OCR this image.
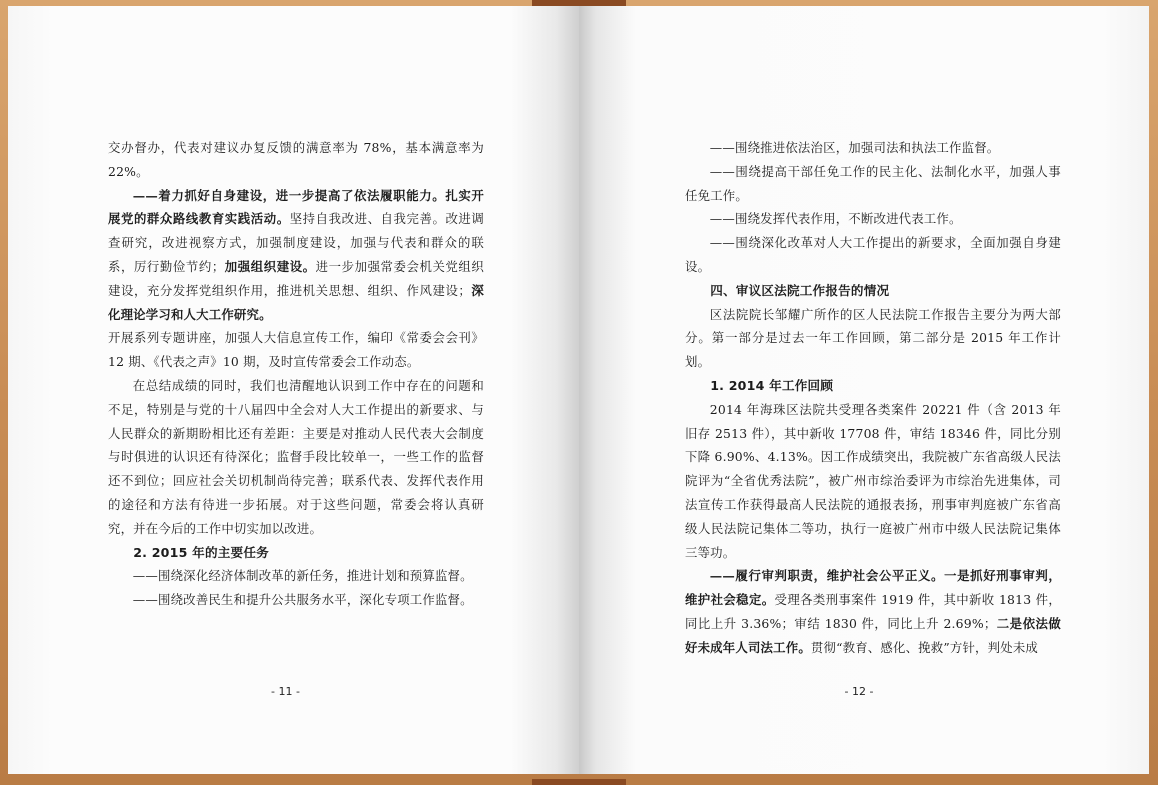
交办督办，代表对建议办复反馈的满意率为 78%，基本满意率为 22%。

——着力抓好自身建设，进一步提高了依法履职能力。扎实开展党的群众路线教育实践活动。坚持自我改进、自我完善。改进调查研究，改进视察方式，加强制度建设，加强与代表和群众的联系，厉行勤俭节约；加强组织建设。进一步加强常委会机关党组织建设，充分发挥党组织作用，推进机关思想、组织、作风建设；深化理论学习和人大工作研究。

开展系列专题讲座，加强人大信息宣传工作，编印《常委会会刊》12 期、《代表之声》10 期，及时宣传常委会工作动态。

在总结成绩的同时，我们也清醒地认识到工作中存在的问题和不足，特别是与党的十八届四中全会对人大工作提出的新要求、与人民群众的新期盼相比还有差距：主要是对推动人民代表大会制度与时俱进的认识还有待深化；监督手段比较单一，一些工作的监督还不到位；回应社会关切机制尚待完善；联系代表、发挥代表作用的途径和方法有待进一步拓展。对于这些问题，常委会将认真研究，并在今后的工作中切实加以改进。

2. 2015 年的主要任务

——围绕深化经济体制改革的新任务，推进计划和预算监督。

——围绕改善民生和提升公共服务水平，深化专项工作监督。

- 11 -

——围绕推进依法治区，加强司法和执法工作监督。

——围绕提高干部任免工作的民主化、法制化水平，加强人事任免工作。

——围绕发挥代表作用，不断改进代表工作。

——围绕深化改革对人大工作提出的新要求，全面加强自身建设。

四、审议区法院工作报告的情况

区法院院长邹耀广所作的区人民法院工作报告主要分为两大部分。第一部分是过去一年工作回顾，第二部分是 2015 年工作计划。

1. 2014 年工作回顾

2014 年海珠区法院共受理各类案件 20221 件（含 2013 年旧存 2513 件），其中新收 17708 件，审结 18346 件，同比分别下降 6.90%、4.13%。因工作成绩突出，我院被广东省高级人民法院评为“全省优秀法院”，被广州市综治委评为市综治先进集体，司法宣传工作获得最高人民法院的通报表扬，刑事审判庭被广东省高级人民法院记集体二等功，执行一庭被广州市中级人民法院记集体三等功。

——履行审判职责，维护社会公平正义。一是抓好刑事审判，维护社会稳定。受理各类刑事案件 1919 件，其中新收 1813 件，同比上升 3.36%；审结 1830 件，同比上升 2.69%；二是依法做好未成年人司法工作。贯彻“教育、感化、挽救”方针，判处未成

- 12 -
